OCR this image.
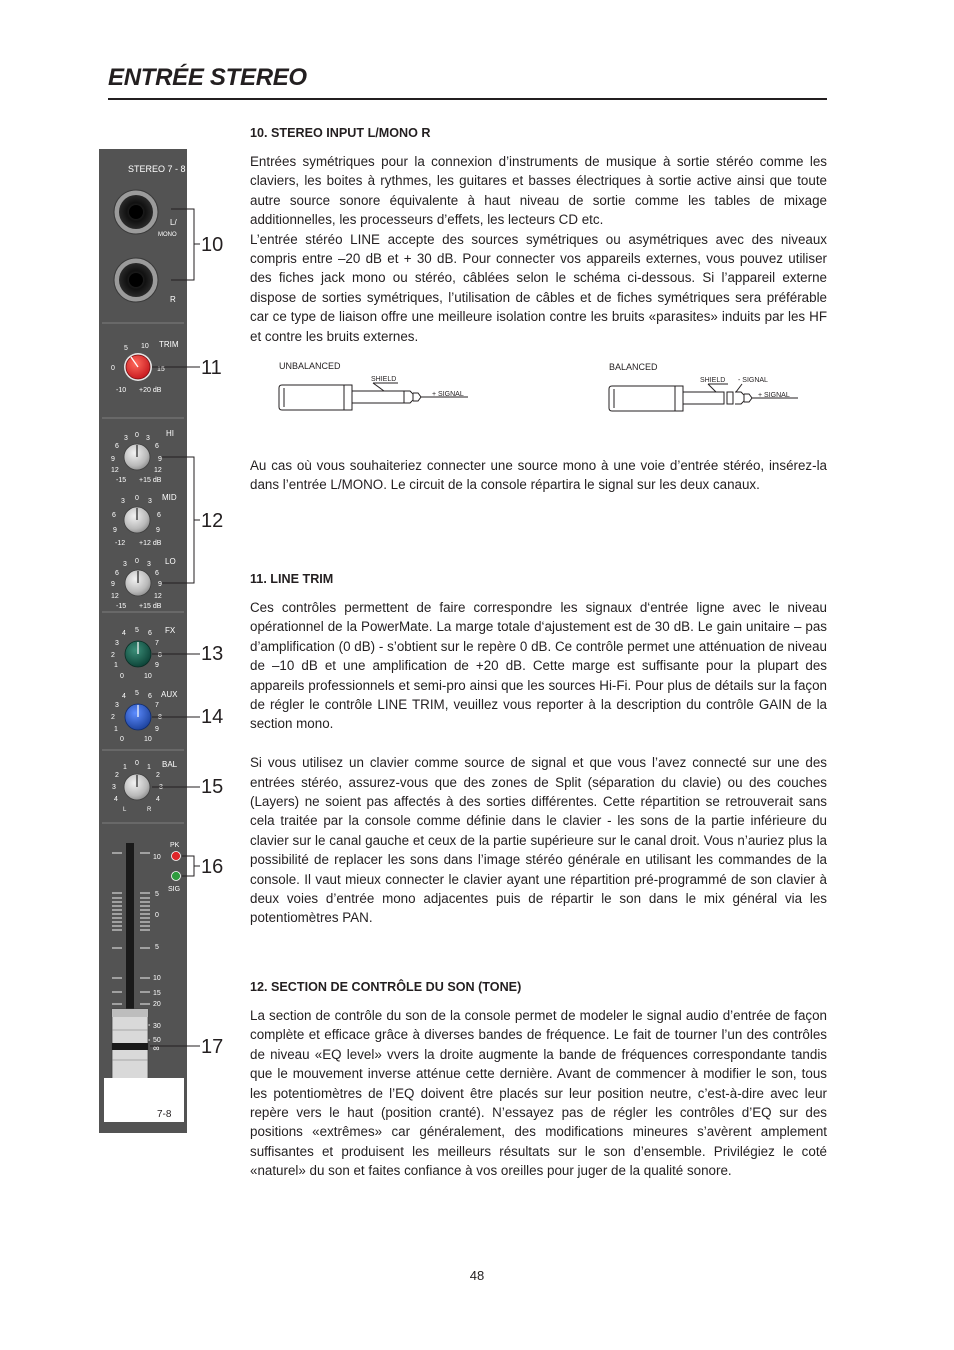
ENTRÉE STEREO
STEREO 7 - 8
L/
MONO
R
TRIM
5 10
0	15
-10 +20 dB
HI
3 0 3
6	6
9	9
12	12
-15 +15 dB
MID
3 0 3
6	6
9	9
-12 +12 dB
LO
3 0 3
6	6
9	9
12	12
-15 +15 dB
FX
4 5 6
3	7
2	8
1	9
0	10
AUX
4 5 6
3	7
2	8
1	9
0	10
BAL
1
0
1
2	2
3	3
4	4
L	R
PK
SIG
10
5
0
5
10
15
20
30
50
∞
7-8
10
11
12
13
14
15
16
17
10. STEREO INPUT L/MONO R

Entrées symétriques pour la connexion d’instruments de musique à sortie stéréo comme les claviers, les boites à rythmes, les guitares et basses électriques à sortie active ainsi que toute autre source sonore équivalente à haut niveau de sortie comme les tables de mixage additionnelles, les processeurs d’effets, les lecteurs CD etc.

L’entrée stéréo LINE accepte des sources symétriques ou asymétriques avec des niveaux compris entre –20 dB et + 30 dB. Pour connecter vos appareils externes, vous pouvez utiliser des fiches jack mono ou stéréo, câblées selon le schéma ci-dessous. Si l’appareil externe dispose de sorties symétriques, l’utilisation de câbles et de fiches symétriques sera préférable car ce type de liaison offre une meilleure isolation contre les bruits «parasites» induits par les HF et contre les bruits externes.

UNBALANCED
SHIELD
+ SIGNAL
BALANCED
SHIELD - SIGNAL
+ SIGNAL

Au cas où vous souhaiteriez connecter une source mono à une voie d’entrée stéréo, insérez-la dans l’entrée L/MONO. Le circuit de la console répartira le signal sur les deux canaux.

11. LINE TRIM

Ces contrôles permettent de faire correspondre les signaux d‘entrée ligne avec le niveau opérationnel de la PowerMate. La marge totale d‘ajustement est de 30 dB. Le gain unitaire – pas d’amplification (0 dB) - s’obtient sur le repère 0 dB. Ce contrôle permet une atténuation de niveau de –10 dB et une amplification de +20 dB. Cette marge est suffisante pour la plupart des appareils professionnels et semi-pro ainsi que les sources Hi-Fi. Pour plus de détails sur la façon de régler le contrôle LINE TRIM, veuillez vous reporter à la description du contrôle GAIN de la section mono.

Si vous utilisez un clavier comme source de signal et que vous l’avez connecté sur une des entrées stéréo, assurez-vous que des zones de Split (séparation du clavie) ou des couches (Layers) ne soient pas affectés à des sorties différentes. Cette répartition se retrouverait sans cela traitée par la console comme définie dans le clavier - les sons de la partie inférieure du clavier sur le canal gauche et ceux de la partie supérieure sur le canal droit. Vous n’auriez plus la possibilité de replacer les sons dans l’image stéréo générale en utilisant les commandes de la console. Il vaut mieux connecter le clavier ayant une répartition pré-programmé de son clavier à deux voies d’entrée mono adjacentes puis de répartir le son dans le mix général via les potentiomètres PAN.

12. SECTION DE CONTRÔLE DU SON (TONE)

La section de contrôle du son de la console permet de modeler le signal audio d’entrée de façon complète et efficace grâce à diverses bandes de fréquence. Le fait de tourner l’un des contrôles de niveau «EQ level» vvers la droite augmente la bande de fréquences correspondante tandis que le mouvement inverse atténue cette dernière. Avant de commencer à modifier le son, tous les potentiomètres de l’EQ doivent être placés sur leur position neutre, c’est-à-dire avec leur repère vers le haut (position cranté). N’essayez pas de régler les contrôles d’EQ sur des positions «extrêmes» car généralement, des modifications mineures s’avèrent amplement suffisantes et produisent les meilleurs résultats sur le son d’ensemble. Privilégiez le coté «naturel» du son et faites confiance à vos oreilles pour juger de la qualité sonore.

48
